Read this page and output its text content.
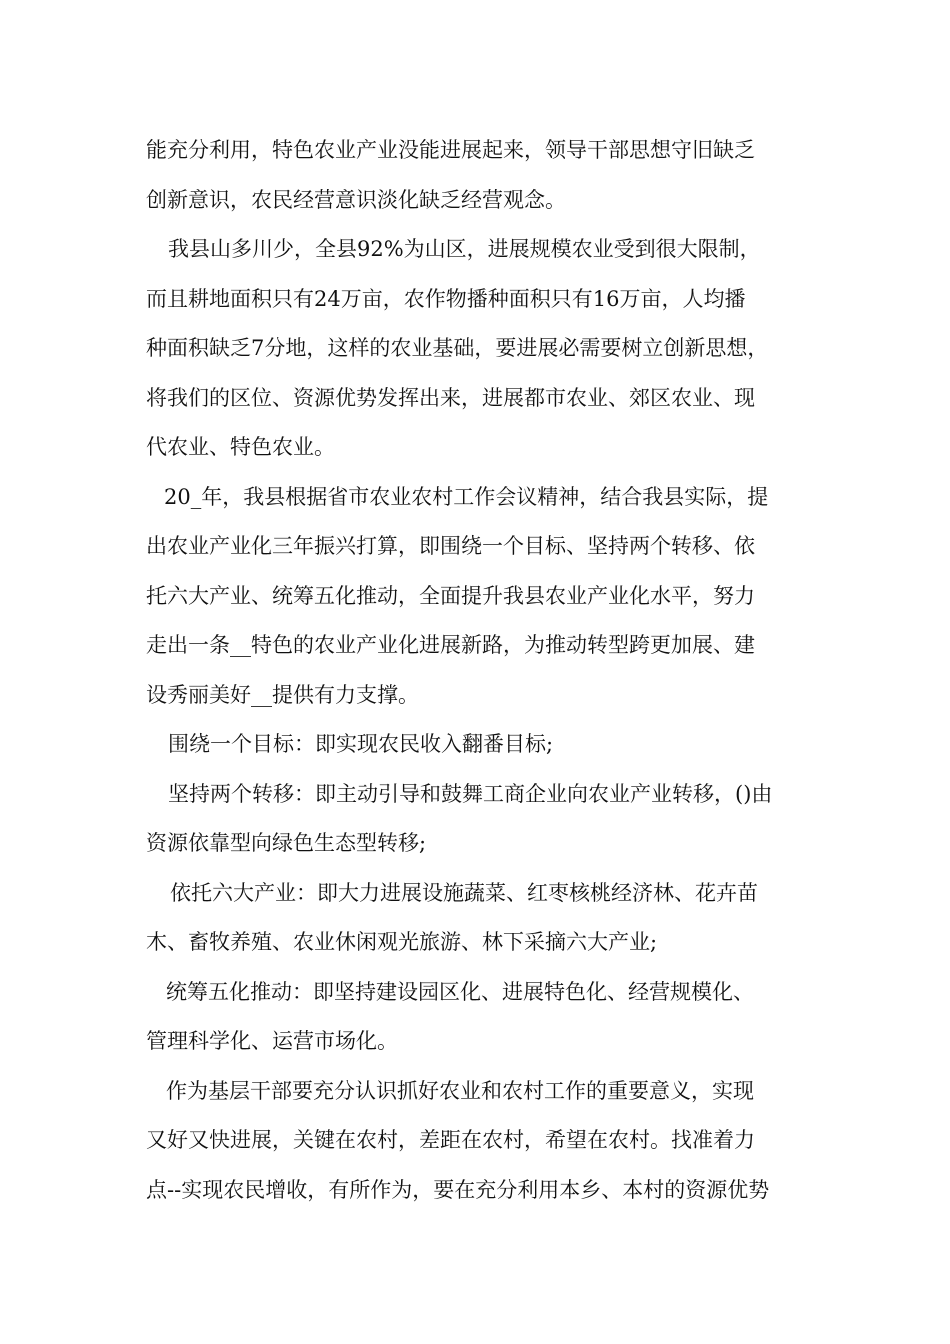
能充分利用，特色农业产业没能进展起来，领导干部思想守旧缺乏
创新意识，农民经营意识淡化缺乏经营观念。

我县山多川少，全县92%为山区，进展规模农业受到很大限制，
而且耕地面积只有24万亩，农作物播种面积只有16万亩，人均播
种面积缺乏7分地，这样的农业基础，要进展必需要树立创新思想，
将我们的区位、资源优势发挥出来，进展都市农业、郊区农业、现
代农业、特色农业。

20_年，我县根据省市农业农村工作会议精神，结合我县实际，提
出农业产业化三年振兴打算，即围绕一个目标、坚持两个转移、依
托六大产业、统筹五化推动，全面提升我县农业产业化水平，努力
走出一条__特色的农业产业化进展新路，为推动转型跨更加展、建
设秀丽美好__提供有力支撑。

围绕一个目标：即实现农民收入翻番目标;

坚持两个转移：即主动引导和鼓舞工商企业向农业产业转移，()由
资源依靠型向绿色生态型转移;

依托六大产业：即大力进展设施蔬菜、红枣核桃经济林、花卉苗
木、畜牧养殖、农业休闲观光旅游、林下采摘六大产业;

统筹五化推动：即坚持建设园区化、进展特色化、经营规模化、
管理科学化、运营市场化。

作为基层干部要充分认识抓好农业和农村工作的重要意义，实现
又好又快进展，关键在农村，差距在农村，希望在农村。找准着力
点--实现农民增收，有所作为，要在充分利用本乡、本村的资源优势
